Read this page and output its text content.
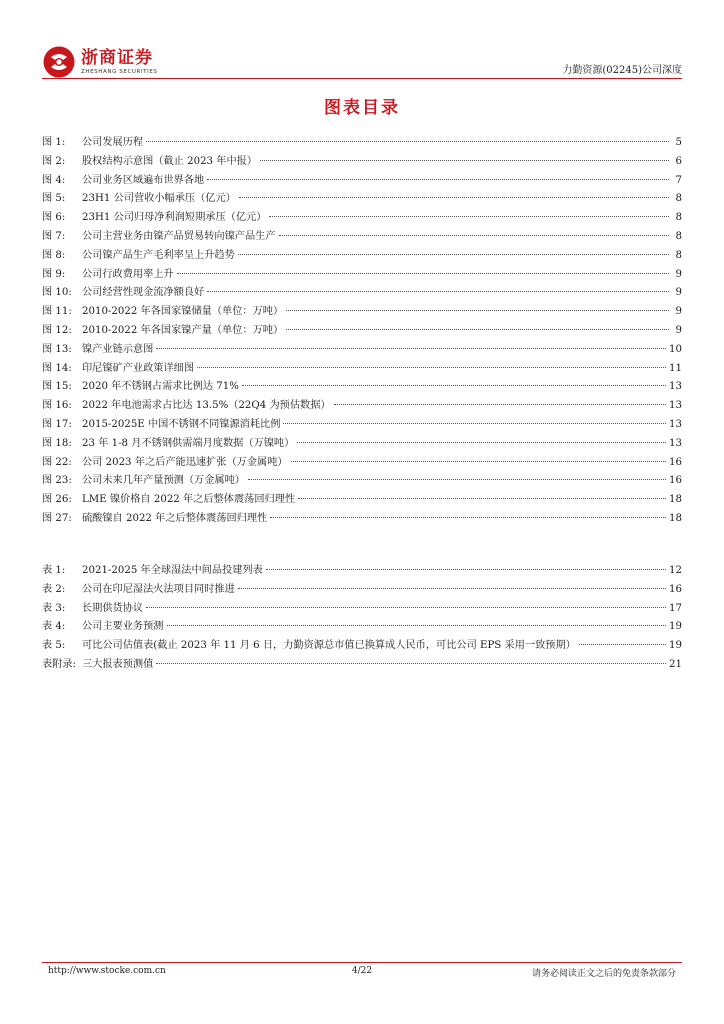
浙商证券
ZHESHANG SECURITIES	力勤资源(02245)公司深度
图表目录
图 1:	公司发展历程	5
图 2:	股权结构示意图（截止 2023 年中报）	6
图 4:	公司业务区域遍布世界各地	7
图 5:	23H1 公司营收小幅承压（亿元）	8
图 6:	23H1 公司归母净利润短期承压（亿元）	8
图 7:	公司主营业务由镍产品贸易转向镍产品生产	8
图 8:	公司镍产品生产毛利率呈上升趋势	8
图 9:	公司行政费用率上升	9
图 10: 公司经营性现金流净额良好	9
图 11: 2010-2022 年各国家镍储量（单位：万吨）	9
图 12: 2010-2022 年各国家镍产量（单位：万吨）	9
图 13: 镍产业链示意图	10
图 14: 印尼镍矿产业政策详细图	11
图 15: 2020 年不锈钢占需求比例达 71%	13
图 16: 2022 年电池需求占比达 13.5%（22Q4 为预估数据）	13
图 17: 2015-2025E 中国不锈钢不同镍源消耗比例	13
图 18: 23 年 1-8 月不锈钢供需端月度数据（万镍吨）	13
图 22: 公司 2023 年之后产能迅速扩张（万金属吨）	16
图 23: 公司未来几年产量预测（万金属吨）	16
图 26: LME 镍价格自 2022 年之后整体震荡回归理性	18
图 27: 硫酸镍自 2022 年之后整体震荡回归理性	18
表 1:	2021-2025 年全球湿法中间品投建列表	12
表 2:	公司在印尼湿法火法项目同时推进	16
表 3:	长期供货协议	17
表 4:	公司主要业务预测	19
表 5:	可比公司估值表(截止 2023 年 11 月 6 日，力勤资源总市值已换算成人民币，可比公司 EPS 采用一致预期）	19
表附录: 三大报表预测值	21
http://www.stocke.com.cn	4/22	请务必阅读正文之后的免责条款部分
